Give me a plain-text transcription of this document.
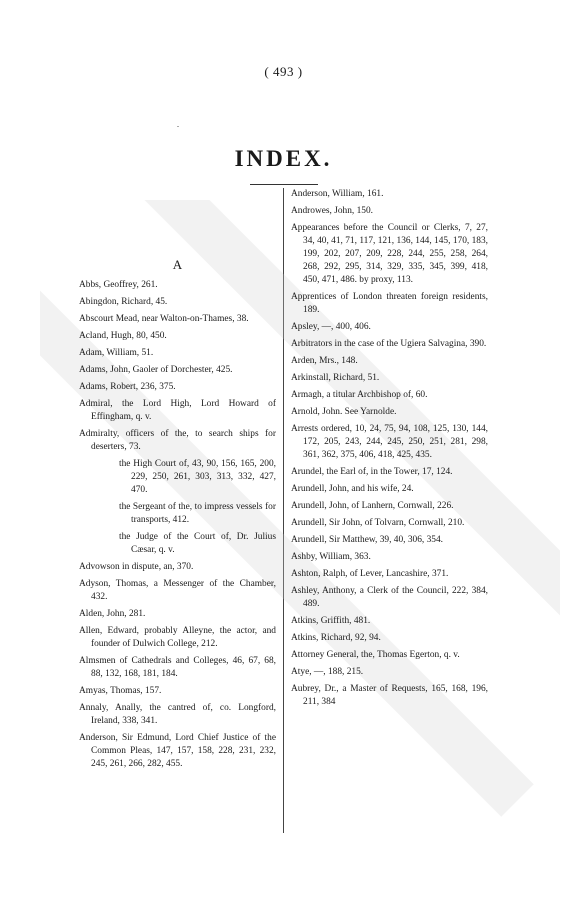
( 493 )
.
INDEX.
A
Abbs, Geoffrey, 261.
Abingdon, Richard, 45.
Abscourt Mead, near Walton-on-Thames, 38.
Acland, Hugh, 80, 450.
Adam, William, 51.
Adams, John, Gaoler of Dorchester, 425.
Adams, Robert, 236, 375.
Admiral, the Lord High, Lord Howard of Effingham, q. v.
Admiralty, officers of the, to search ships for deserters, 73.
the High Court of, 43, 90, 156, 165, 200, 229, 250, 261, 303, 313, 332, 427, 470.
the Sergeant of the, to impress vessels for transports, 412.
the Judge of the Court of, Dr. Julius Cæsar, q. v.
Advowson in dispute, an, 370.
Adyson, Thomas, a Messenger of the Chamber, 432.
Alden, John, 281.
Allen, Edward, probably Alleyne, the actor, and founder of Dulwich College, 212.
Almsmen of Cathedrals and Colleges, 46, 67, 68, 88, 132, 168, 181, 184.
Amyas, Thomas, 157.
Annaly, Anally, the cantred of, co. Longford, Ireland, 338, 341.
Anderson, Sir Edmund, Lord Chief Justice of the Common Pleas, 147, 157, 158, 228, 231, 232, 245, 261, 266, 282, 455.
Anderson, William, 161.
Androwes, John, 150.
Appearances before the Council or Clerks, 7, 27, 34, 40, 41, 71, 117, 121, 136, 144, 145, 170, 183, 199, 202, 207, 209, 228, 244, 255, 258, 264, 268, 292, 295, 314, 329, 335, 345, 399, 418, 450, 471, 486. by proxy, 113.
Apprentices of London threaten foreign residents, 189.
Apsley, —, 400, 406.
Arbitrators in the case of the Ugiera Salvagina, 390.
Arden, Mrs., 148.
Arkinstall, Richard, 51.
Armagh, a titular Archbishop of, 60.
Arnold, John. See Yarnolde.
Arrests ordered, 10, 24, 75, 94, 108, 125, 130, 144, 172, 205, 243, 244, 245, 250, 251, 281, 298, 361, 362, 375, 406, 418, 425, 435.
Arundel, the Earl of, in the Tower, 17, 124.
Arundell, John, and his wife, 24.
Arundell, John, of Lanhern, Cornwall, 226.
Arundell, Sir John, of Tolvarn, Cornwall, 210.
Arundell, Sir Matthew, 39, 40, 306, 354.
Ashby, William, 363.
Ashton, Ralph, of Lever, Lancashire, 371.
Ashley, Anthony, a Clerk of the Council, 222, 384, 489.
Atkins, Griffith, 481.
Atkins, Richard, 92, 94.
Attorney General, the, Thomas Egerton, q. v.
Atye, —, 188, 215.
Aubrey, Dr., a Master of Requests, 165, 168, 196, 211, 384
